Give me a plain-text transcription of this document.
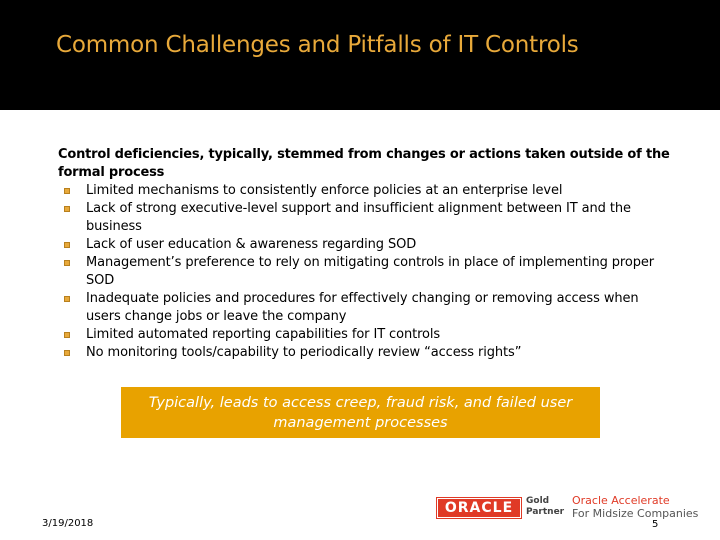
Common Challenges and Pitfalls of IT Controls
Control deficiencies, typically, stemmed from changes or actions taken outside of the formal process
Limited mechanisms to consistently enforce policies at an enterprise level
Lack of strong executive-level support and insufficient alignment between IT and the business
Lack of user education & awareness regarding SOD
Management’s preference to rely on mitigating controls in place of implementing proper SOD
Inadequate policies and procedures for effectively changing or removing access when users change jobs or leave the company
Limited automated reporting capabilities for IT controls
No monitoring tools/capability to periodically review “access rights”
Typically, leads to access creep, fraud risk, and failed user management processes
3/19/2018
ORACLE Gold
Partner
Oracle Accelerate
For Midsize Companies
5
